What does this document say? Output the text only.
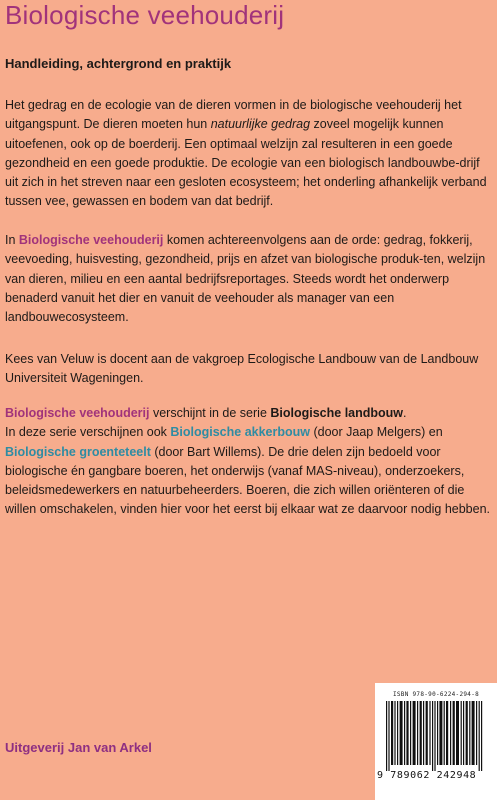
Biologische veehouderij
Handleiding, achtergrond en praktijk

Het gedrag en de ecologie van de dieren vormen in de biologische veehouderij het uitgangspunt. De dieren moeten hun natuurlijke gedrag zoveel mogelijk kunnen uitoefenen, ook op de boerderij. Een optimaal welzijn zal resulteren in een goede gezondheid en een goede produktie. De ecologie van een biologisch landbouwbe-drijf uit zich in het streven naar een gesloten ecosysteem; het onderling afhankelijk verband tussen vee, gewassen en bodem van dat bedrijf.

In Biologische veehouderij komen achtereenvolgens aan de orde: gedrag, fokkerij, veevoeding, huisvesting, gezondheid, prijs en afzet van biologische produk-ten, welzijn van dieren, milieu en een aantal bedrijfsreportages. Steeds wordt het onderwerp benaderd vanuit het dier en vanuit de veehouder als manager van een landbouwecosysteem.

Kees van Veluw is docent aan de vakgroep Ecologische Landbouw van de Landbouw Universiteit Wageningen.

Biologische veehouderij verschijnt in de serie Biologische landbouw.
In deze serie verschijnen ook Biologische akkerbouw (door Jaap Melgers) en
Biologische groenteteelt (door Bart Willems). De drie delen zijn bedoeld voor biologische én gangbare boeren, het onderwijs (vanaf MAS-niveau), onderzoekers, beleidsmedewerkers en natuurbeheerders. Boeren, die zich willen oriënteren of die willen omschakelen, vinden hier voor het eerst bij elkaar wat ze daarvoor nodig hebben.

Uitgeverij Jan van Arkel
ISBN 978-90-6224-294-8
9 789062 242948
